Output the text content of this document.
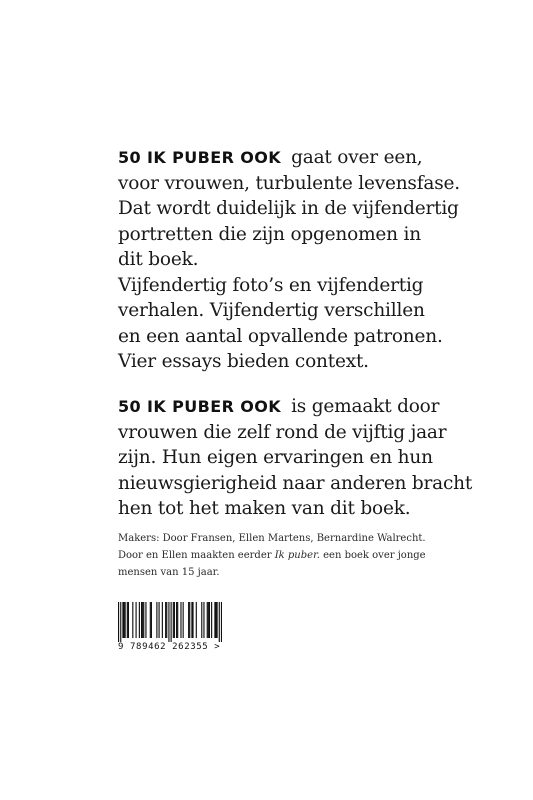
50 IK PUBER OOK gaat over een,
voor vrouwen, turbulente levensfase.
Dat wordt duidelijk in de vijfendertig
portretten die zijn opgenomen in
dit boek.
Vijfendertig foto’s en vijfendertig
verhalen. Vijfendertig verschillen
en een aantal opvallende patronen.
Vier essays bieden context.
50 IK PUBER OOK is gemaakt door
vrouwen die zelf rond de vijftig jaar
zijn. Hun eigen ervaringen en hun
nieuwsgierigheid naar anderen bracht
hen tot het maken van dit boek.
Makers: Door Fransen, Ellen Martens, Bernardine Walrecht.
Door en Ellen maakten eerder Ik puber. een boek over jonge
mensen van 15 jaar.
9 789462 262355 >
